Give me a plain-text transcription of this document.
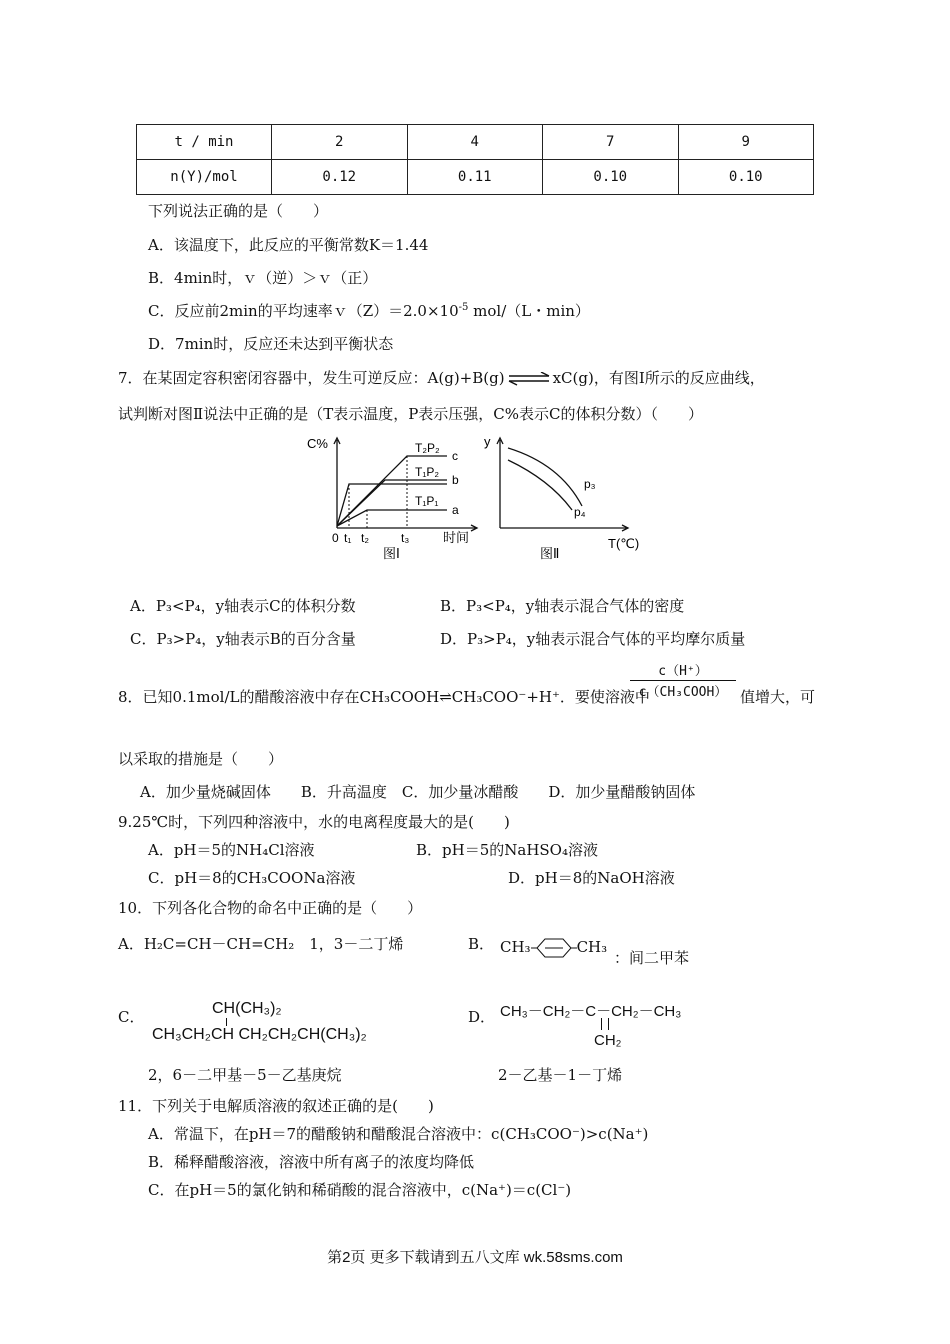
t / min	2	4	7	9
n(Y)/mol	0.12	0.11	0.10	0.10
下列说法正确的是（　　）
A．该温度下，此反应的平衡常数K＝1.44
B．4min时，ｖ（逆）＞ｖ（正）
C．反应前2min的平均速率$v(Z)=2.0\times 10^{-5}$ mol/（L・min）
D．7min时，反应还未达到平衡状态
7．在某固定容积密闭容器中，发生可逆反应：A(g)+B(g) ⇌ xC(g)，有图Ⅰ所示的反应曲线，
试判断对图Ⅱ说法中正确的是（T表示温度，P表示压强，C%表示C的体积分数）（　　）
C%
0 t₁ t₂	t₃	时间
T₂P₂
T₁P₂
T₁P₁
c
b
a
图Ⅰ
y
p₃
p₄
T(℃)
图Ⅱ
A．P₃<P₄，y轴表示C的体积分数	B．P₃<P₄，y轴表示混合气体的密度
C．P₃>P₄，y轴表示B的百分含量	D．P₃>P₄，y轴表示混合气体的平均摩尔质量
8．已知0.1mol/L的醋酸溶液中存在CH₃COOH⇌CH₃COO⁻+H⁺．要使溶液中
c（H⁺）
c（CH₃COOH） 值增大，可
以采取的措施是（　　）
A．加少量烧碱固体　　B．升高温度　C．加少量冰醋酸　　D．加少量醋酸钠固体
9.25℃时，下列四种溶液中，水的电离程度最大的是(　　)
A．pH＝5的NH₄Cl溶液	B．pH＝5的NaHSO₄溶液
C．pH＝8的CH₃COONa溶液	D．pH＝8的NaOH溶液
10．下列各化合物的命名中正确的是（　　）
A．H₂C=CH－CH=CH₂　1，3－二丁烯	B． CH₃	CH₃
：间二甲苯
C．	CH(CH₃)₂
CH₃CH₂CH CH₂CH₂CH(CH₃)₂
2，6－二甲基－5－乙基庚烷
D． CH₃－CH₂－C－CH₂－CH₃
CH₂
2－乙基－1－丁烯
11．下列关于电解质溶液的叙述正确的是(　　)
A．常温下，在pH＝7的醋酸钠和醋酸混合溶液中：c(CH₃COO⁻)>c(Na⁺)
B．稀释醋酸溶液，溶液中所有离子的浓度均降低
C．在pH＝5的氯化钠和稀硝酸的混合溶液中，c(Na⁺)＝c(Cl⁻)
第2页 更多下载请到五八文库 wk.58sms.com
